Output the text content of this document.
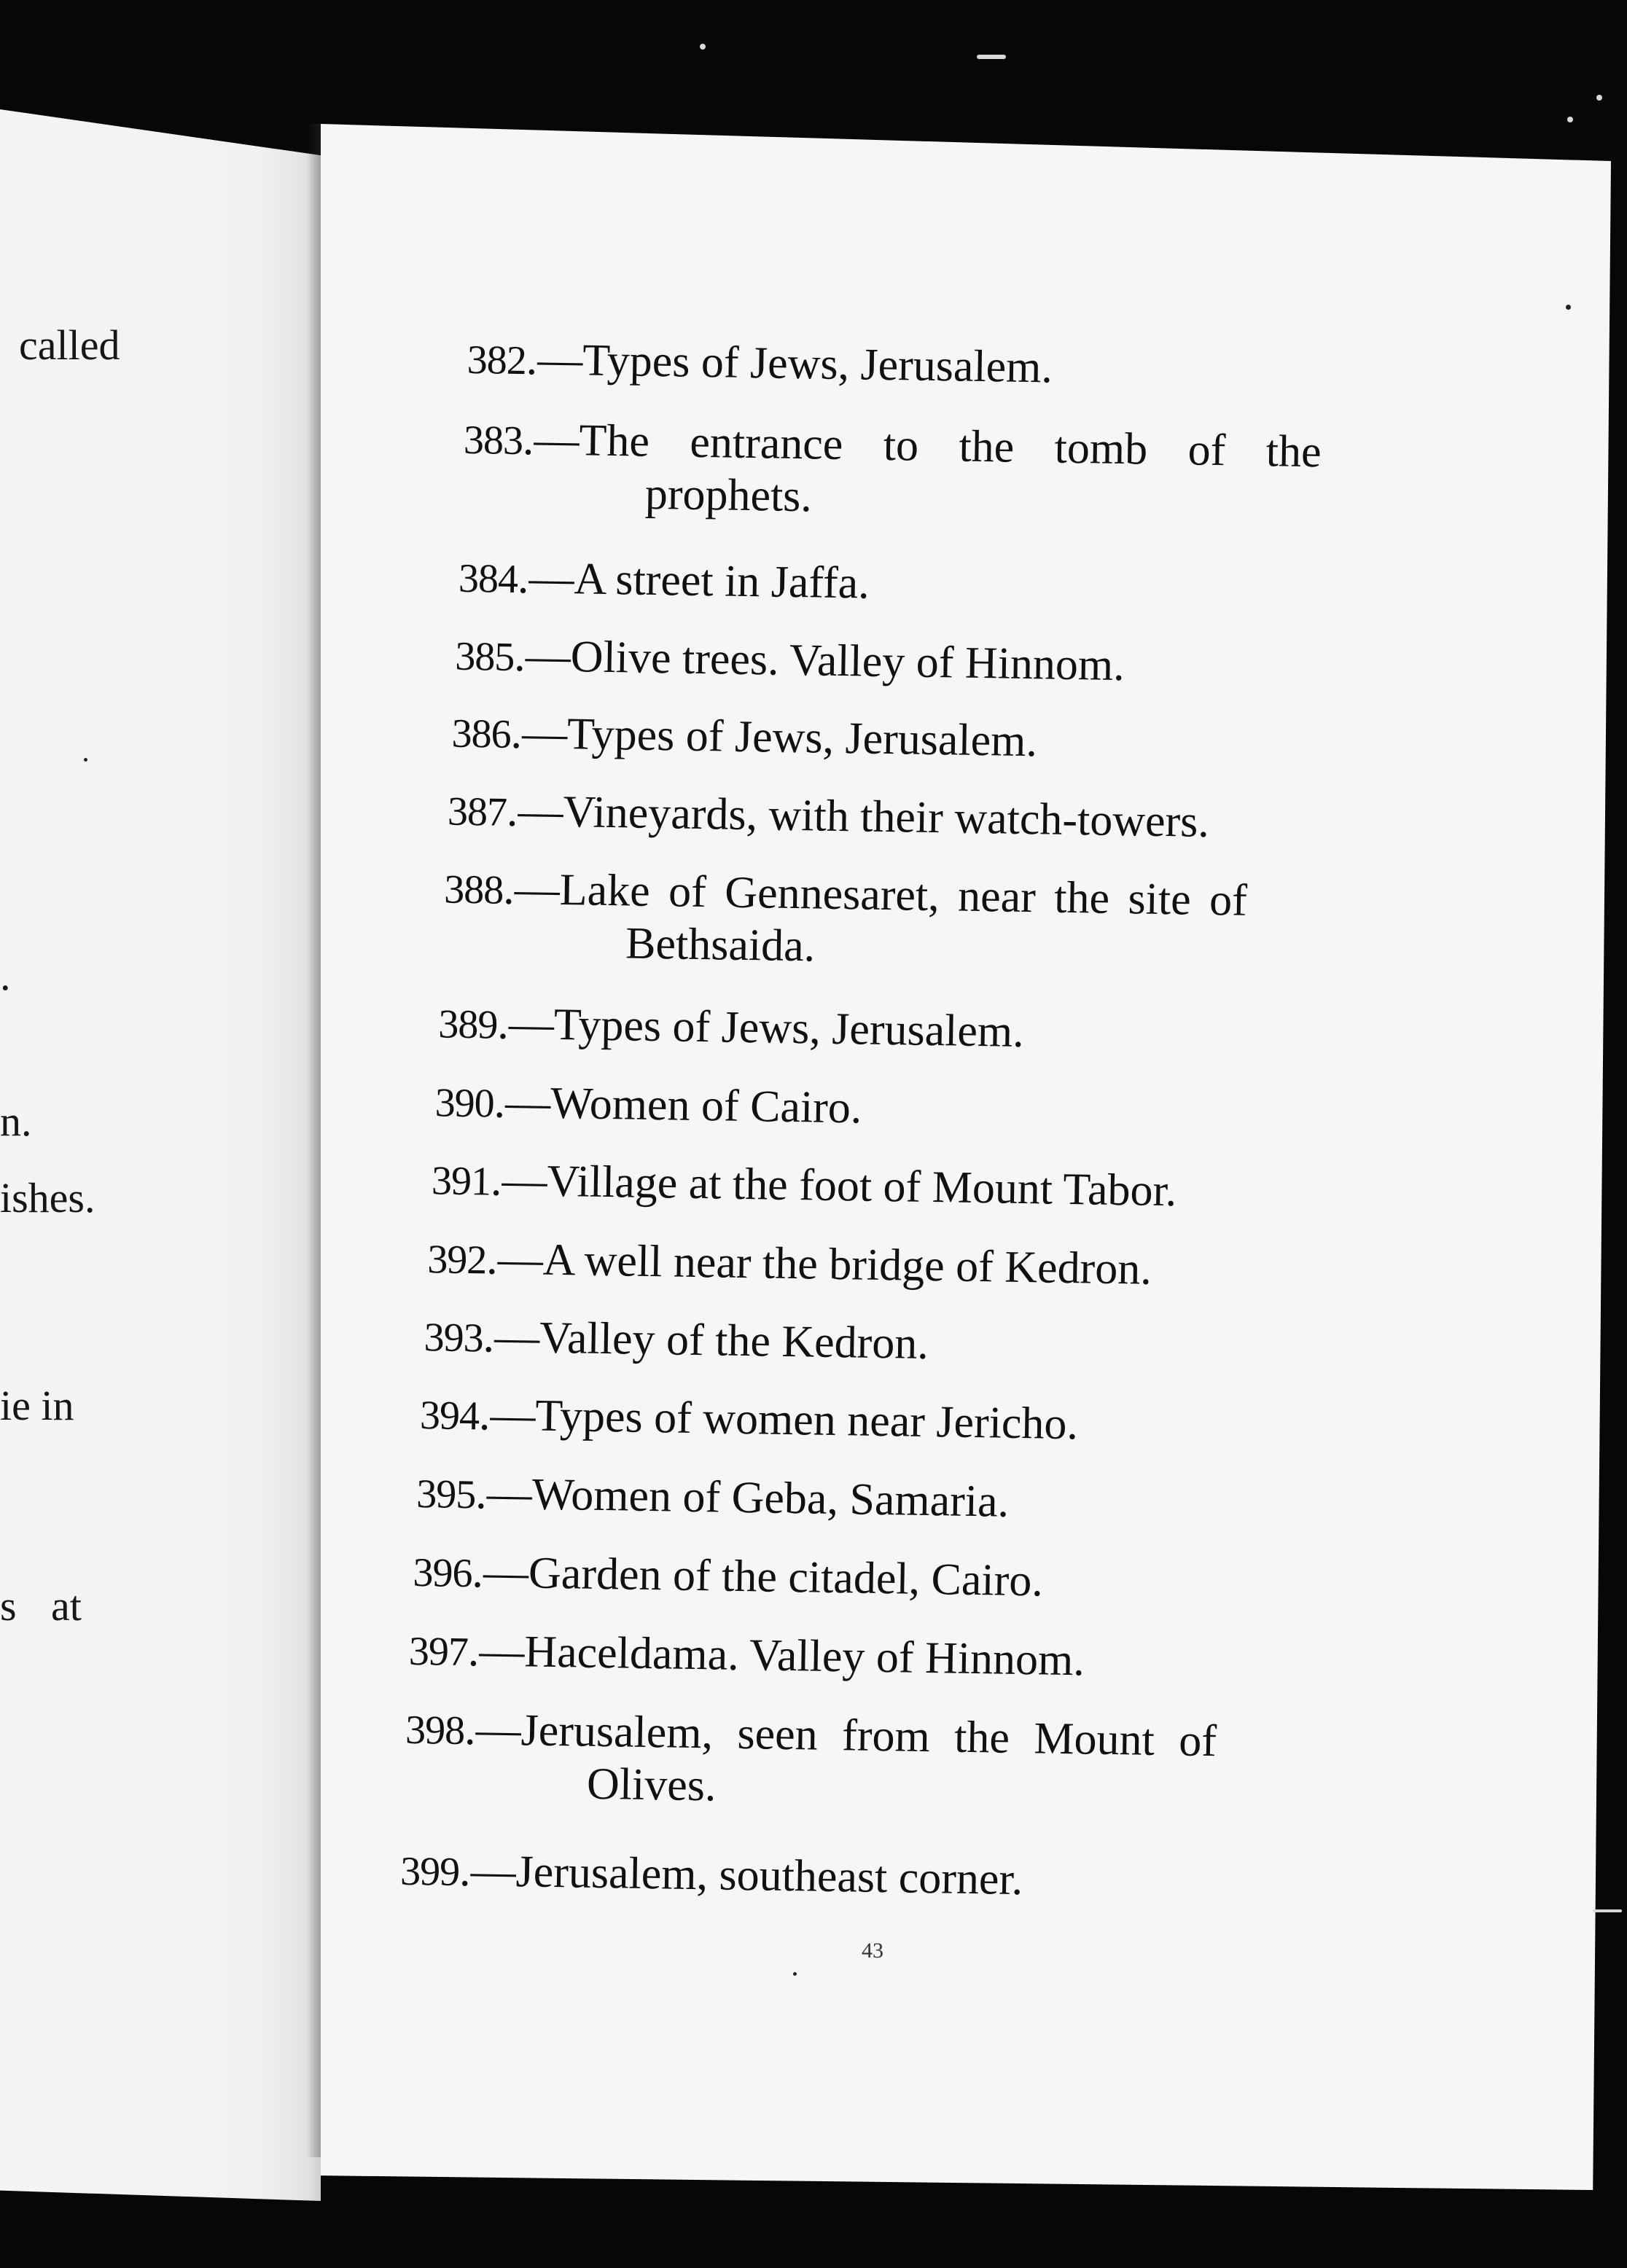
called
.
n.
ishes.
ie in
s at
382.—Types of Jews, Jerusalem.
383.—The entrance to the tomb of the
prophets.
384.—A street in Jaffa.
385.—Olive trees. Valley of Hinnom.
386.—Types of Jews, Jerusalem.
387.—Vineyards, with their watch-towers.
388.—Lake of Gennesaret, near the site of
Bethsaida.
389.—Types of Jews, Jerusalem.
390.—Women of Cairo.
391.—Village at the foot of Mount Tabor.
392.—A well near the bridge of Kedron.
393.—Valley of the Kedron.
394.—Types of women near Jericho.
395.—Women of Geba, Samaria.
396.—Garden of the citadel, Cairo.
397.—Haceldama. Valley of Hinnom.
398.—Jerusalem, seen from the Mount of
Olives.
399.—Jerusalem, southeast corner.
43
